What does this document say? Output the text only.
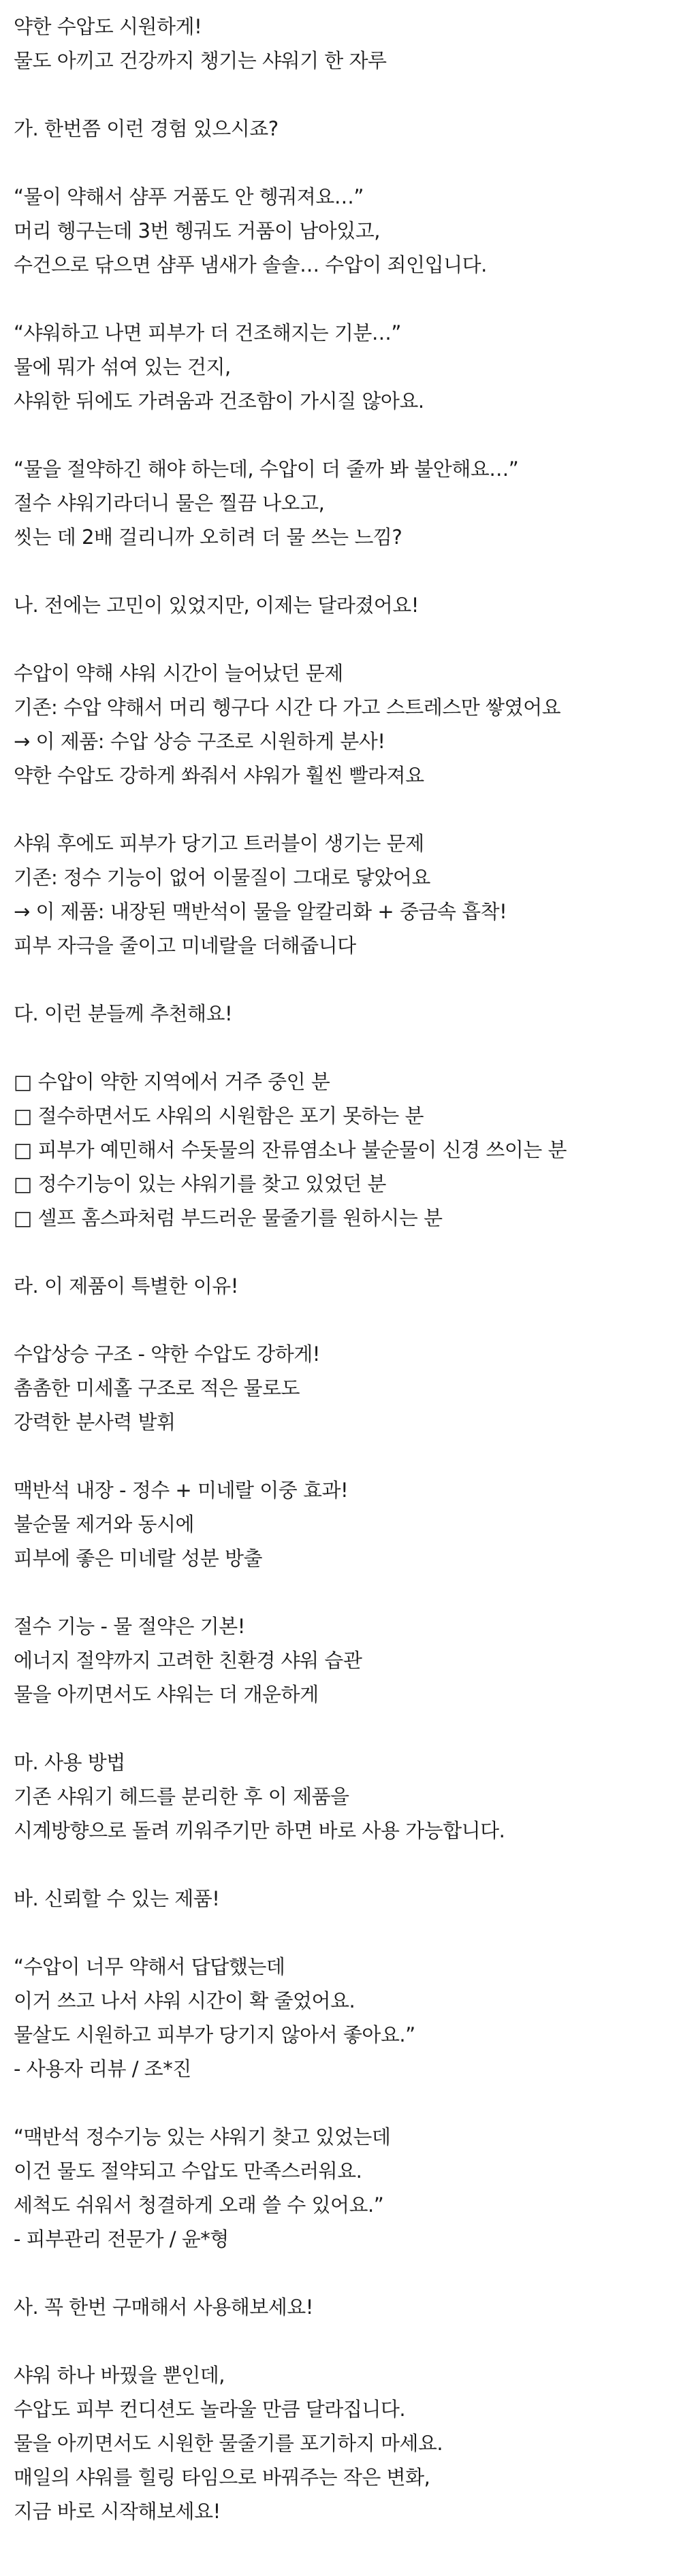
약한 수압도 시원하게!
물도 아끼고 건강까지 챙기는 샤워기 한 자루
가. 한번쯤 이런 경험 있으시죠?
“물이 약해서 샴푸 거품도 안 헹궈져요…”
머리 헹구는데 3번 헹궈도 거품이 남아있고,
수건으로 닦으면 샴푸 냄새가 솔솔… 수압이 죄인입니다.
“샤워하고 나면 피부가 더 건조해지는 기분…”
물에 뭐가 섞여 있는 건지,
샤워한 뒤에도 가려움과 건조함이 가시질 않아요.
“물을 절약하긴 해야 하는데, 수압이 더 줄까 봐 불안해요…”
절수 샤워기라더니 물은 찔끔 나오고,
씻는 데 2배 걸리니까 오히려 더 물 쓰는 느낌?
나. 전에는 고민이 있었지만, 이제는 달라졌어요!
수압이 약해 샤워 시간이 늘어났던 문제
기존: 수압 약해서 머리 헹구다 시간 다 가고 스트레스만 쌓였어요
→ 이 제품: 수압 상승 구조로 시원하게 분사!
약한 수압도 강하게 쏴줘서 샤워가 훨씬 빨라져요
샤워 후에도 피부가 당기고 트러블이 생기는 문제
기존: 정수 기능이 없어 이물질이 그대로 닿았어요
→ 이 제품: 내장된 맥반석이 물을 알칼리화 + 중금속 흡착!
피부 자극을 줄이고 미네랄을 더해줍니다
다. 이런 분들께 추천해요!
□ 수압이 약한 지역에서 거주 중인 분
□ 절수하면서도 샤워의 시원함은 포기 못하는 분
□ 피부가 예민해서 수돗물의 잔류염소나 불순물이 신경 쓰이는 분
□ 정수기능이 있는 샤워기를 찾고 있었던 분
□ 셀프 홈스파처럼 부드러운 물줄기를 원하시는 분
라. 이 제품이 특별한 이유!
수압상승 구조 - 약한 수압도 강하게!
촘촘한 미세홀 구조로 적은 물로도
강력한 분사력 발휘
맥반석 내장 - 정수 + 미네랄 이중 효과!
불순물 제거와 동시에
피부에 좋은 미네랄 성분 방출
절수 기능 - 물 절약은 기본!
에너지 절약까지 고려한 친환경 샤워 습관
물을 아끼면서도 샤워는 더 개운하게
마. 사용 방법
기존 샤워기 헤드를 분리한 후 이 제품을
시계방향으로 돌려 끼워주기만 하면 바로 사용 가능합니다.
바. 신뢰할 수 있는 제품!
“수압이 너무 약해서 답답했는데
이거 쓰고 나서 샤워 시간이 확 줄었어요.
물살도 시원하고 피부가 당기지 않아서 좋아요.”
- 사용자 리뷰 / 조*진
“맥반석 정수기능 있는 샤워기 찾고 있었는데
이건 물도 절약되고 수압도 만족스러워요.
세척도 쉬워서 청결하게 오래 쓸 수 있어요.”
- 피부관리 전문가 / 윤*형
사. 꼭 한번 구매해서 사용해보세요!
샤워 하나 바꿨을 뿐인데,
수압도 피부 컨디션도 놀라울 만큼 달라집니다.
물을 아끼면서도 시원한 물줄기를 포기하지 마세요.
매일의 샤워를 힐링 타임으로 바꿔주는 작은 변화,
지금 바로 시작해보세요!
